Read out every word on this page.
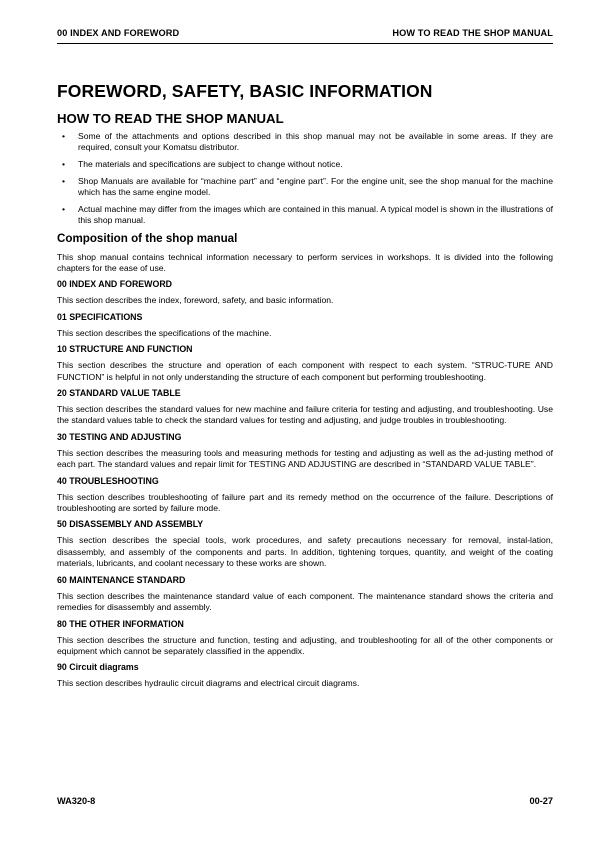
00 INDEX AND FOREWORD	HOW TO READ THE SHOP MANUAL
FOREWORD, SAFETY, BASIC INFORMATION
HOW TO READ THE SHOP MANUAL
• Some of the attachments and options described in this shop manual may not be available in some areas. If they are required, consult your Komatsu distributor.
• The materials and specifications are subject to change without notice.
• Shop Manuals are available for “machine part” and “engine part”. For the engine unit, see the shop manual for the machine which has the same engine model.
• Actual machine may differ from the images which are contained in this manual. A typical model is shown in the illustrations of this shop manual.
Composition of the shop manual

This shop manual contains technical information necessary to perform services in workshops. It is divided into the following chapters for the ease of use.

00 INDEX AND FOREWORD
This section describes the index, foreword, safety, and basic information.
01 SPECIFICATIONS
This section describes the specifications of the machine.
10 STRUCTURE AND FUNCTION
This section describes the structure and operation of each component with respect to each system. “STRUC-TURE AND FUNCTION” is helpful in not only understanding the structure of each component but performing troubleshooting.
20 STANDARD VALUE TABLE
This section describes the standard values for new machine and failure criteria for testing and adjusting, and troubleshooting. Use the standard values table to check the standard values for testing and adjusting, and judge troubles in troubleshooting.
30 TESTING AND ADJUSTING
This section describes the measuring tools and measuring methods for testing and adjusting as well as the ad-justing method of each part. The standard values and repair limit for TESTING AND ADJUSTING are described in “STANDARD VALUE TABLE”.
40 TROUBLESHOOTING
This section describes troubleshooting of failure part and its remedy method on the occurrence of the failure. Descriptions of troubleshooting are sorted by failure mode.
50 DISASSEMBLY AND ASSEMBLY
This section describes the special tools, work procedures, and safety precautions necessary for removal, instal-lation, disassembly, and assembly of the components and parts. In addition, tightening torques, quantity, and weight of the coating materials, lubricants, and coolant necessary to these works are shown.
60 MAINTENANCE STANDARD
This section describes the maintenance standard value of each component. The maintenance standard shows the criteria and remedies for disassembly and assembly.
80 THE OTHER INFORMATION
This section describes the structure and function, testing and adjusting, and troubleshooting for all of the other components or equipment which cannot be separately classified in the appendix.
90 Circuit diagrams
This section describes hydraulic circuit diagrams and electrical circuit diagrams.
WA320-8	00-27
